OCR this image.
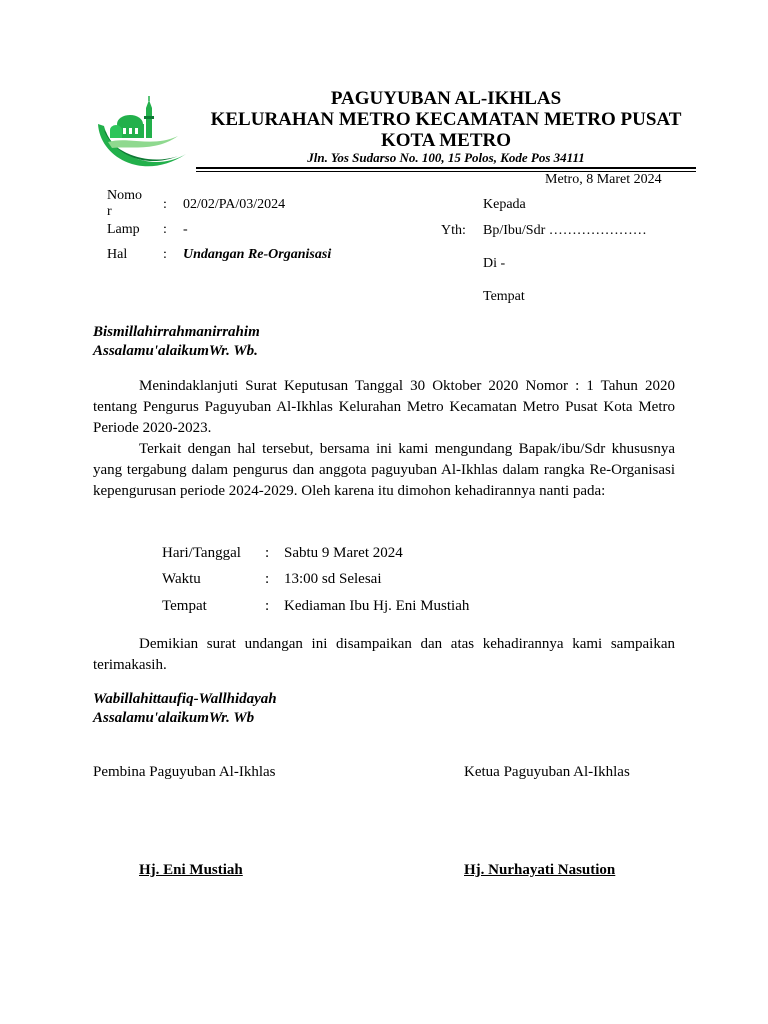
PAGUYUBAN AL-IKHLAS
KELURAHAN METRO KECAMATAN METRO PUSAT
KOTA METRO
Jln. Yos Sudarso No. 100, 15 Polos, Kode Pos 34111
Metro, 8 Maret 2024
Nomo
r	: 02/02/PA/03/2024
Lamp : -
Hal	: Undangan Re-Organisasi
Kepada
Yth: Bp/Ibu/Sdr …………………
Di -
Tempat
Bismillahirrahmanirrahim
Assalamu'alaikumWr. Wb.
Menindaklanjuti Surat Keputusan Tanggal 30 Oktober 2020 Nomor : 1 Tahun 2020 tentang Pengurus Paguyuban Al-Ikhlas Kelurahan Metro Kecamatan Metro Pusat Kota Metro Periode 2020-2023.
Terkait dengan hal tersebut, bersama ini kami mengundang Bapak/ibu/Sdr khususnya yang tergabung dalam pengurus dan anggota paguyuban Al-Ikhlas dalam rangka Re-Organisasi kepengurusan periode 2024-2029. Oleh karena itu dimohon kehadirannya nanti pada:
Hari/Tanggal : Sabtu 9 Maret 2024
Waktu	: 13:00 sd Selesai
Tempat	: Kediaman Ibu Hj. Eni Mustiah
Demikian surat undangan ini disampaikan dan atas kehadirannya kami sampaikan terimakasih.
Wabillahittaufiq-Wallhidayah
Assalamu'alaikumWr. Wb
Pembina Paguyuban Al-Ikhlas	Ketua Paguyuban Al-Ikhlas
Hj. Eni Mustiah	Hj. Nurhayati Nasution
